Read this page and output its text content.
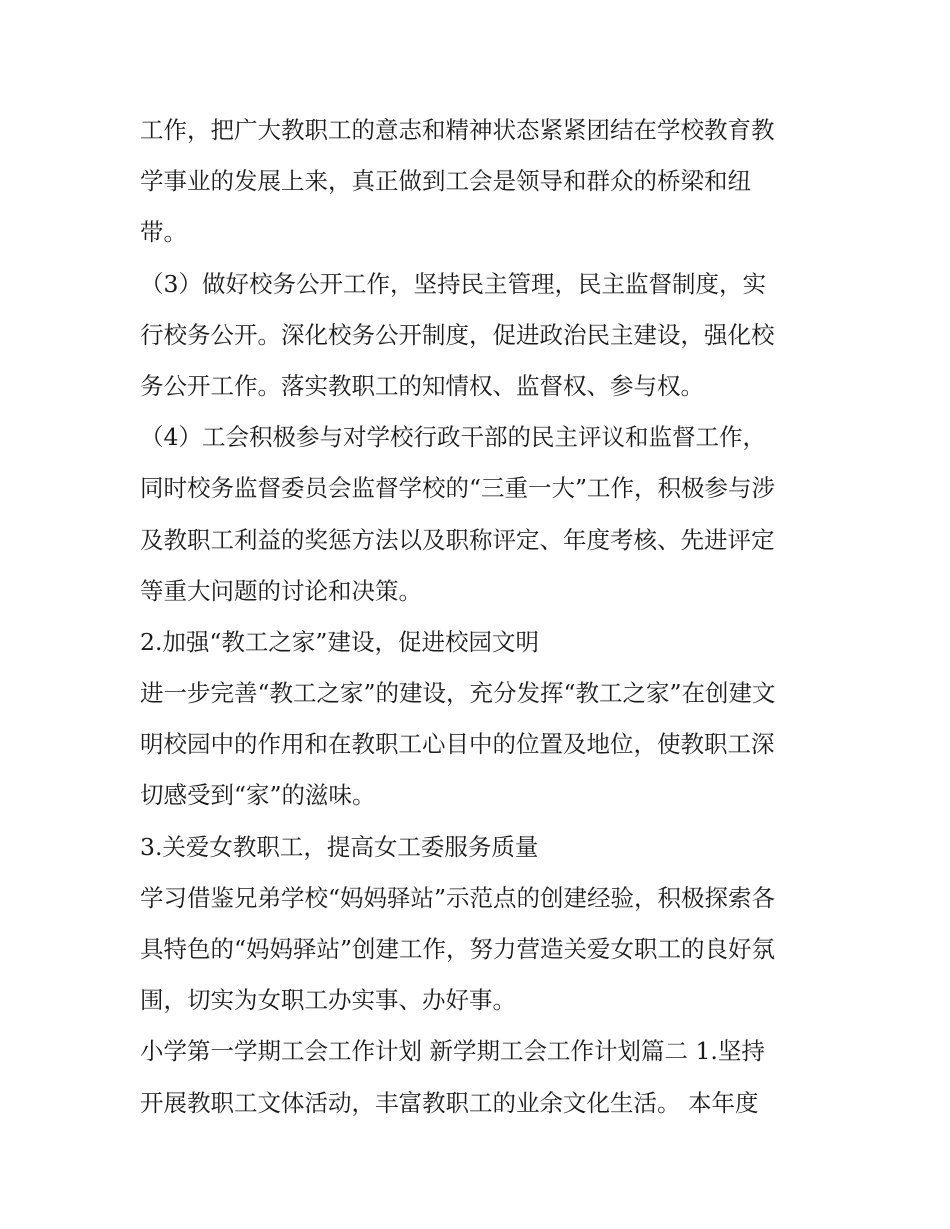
工作，把广大教职工的意志和精神状态紧紧团结在学校教育教
学事业的发展上来，真正做到工会是领导和群众的桥梁和纽
带。
（3）做好校务公开工作，坚持民主管理，民主监督制度，实
行校务公开。深化校务公开制度，促进政治民主建设，强化校
务公开工作。落实教职工的知情权、监督权、参与权。
（4）工会积极参与对学校行政干部的民主评议和监督工作，
同时校务监督委员会监督学校的“三重一大”工作，积极参与涉
及教职工利益的奖惩方法以及职称评定、年度考核、先进评定
等重大问题的讨论和决策。
2.加强“教工之家”建设，促进校园文明
进一步完善“教工之家”的建设，充分发挥“教工之家”在创建文
明校园中的作用和在教职工心目中的位置及地位，使教职工深
切感受到“家”的滋味。
3.关爱女教职工，提高女工委服务质量
学习借鉴兄弟学校“妈妈驿站”示范点的创建经验，积极探索各
具特色的“妈妈驿站”创建工作，努力营造关爱女职工的良好氛
围，切实为女职工办实事、办好事。
小学第一学期工会工作计划 新学期工会工作计划篇二 1.坚持
开展教职工文体活动，丰富教职工的业余文化生活。 本年度
